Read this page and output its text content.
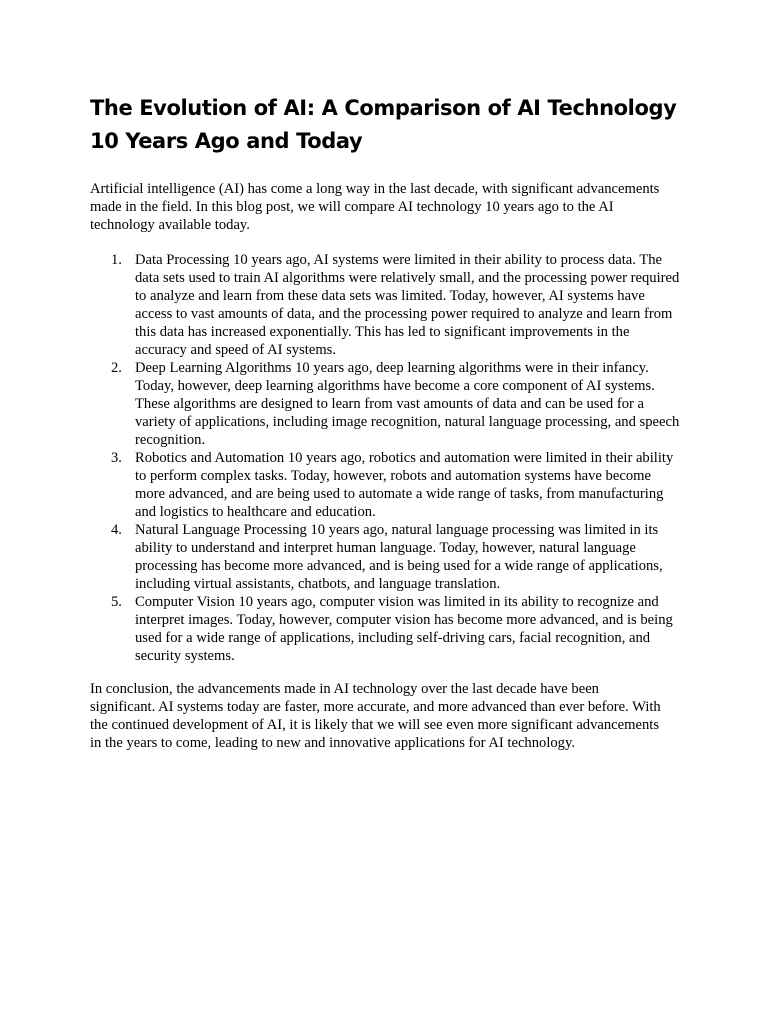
The Evolution of AI: A Comparison of AI Technology 10 Years Ago and Today

Artificial intelligence (AI) has come a long way in the last decade, with significant advancements made in the field. In this blog post, we will compare AI technology 10 years ago to the AI technology available today.

1. Data Processing 10 years ago, AI systems were limited in their ability to process data. The data sets used to train AI algorithms were relatively small, and the processing power required to analyze and learn from these data sets was limited. Today, however, AI systems have access to vast amounts of data, and the processing power required to analyze and learn from this data has increased exponentially. This has led to significant improvements in the accuracy and speed of AI systems.
2. Deep Learning Algorithms 10 years ago, deep learning algorithms were in their infancy. Today, however, deep learning algorithms have become a core component of AI systems. These algorithms are designed to learn from vast amounts of data and can be used for a variety of applications, including image recognition, natural language processing, and speech recognition.
3. Robotics and Automation 10 years ago, robotics and automation were limited in their ability to perform complex tasks. Today, however, robots and automation systems have become more advanced, and are being used to automate a wide range of tasks, from manufacturing and logistics to healthcare and education.
4. Natural Language Processing 10 years ago, natural language processing was limited in its ability to understand and interpret human language. Today, however, natural language processing has become more advanced, and is being used for a wide range of applications, including virtual assistants, chatbots, and language translation.
5. Computer Vision 10 years ago, computer vision was limited in its ability to recognize and interpret images. Today, however, computer vision has become more advanced, and is being used for a wide range of applications, including self-driving cars, facial recognition, and security systems.

In conclusion, the advancements made in AI technology over the last decade have been significant. AI systems today are faster, more accurate, and more advanced than ever before. With the continued development of AI, it is likely that we will see even more significant advancements in the years to come, leading to new and innovative applications for AI technology.
